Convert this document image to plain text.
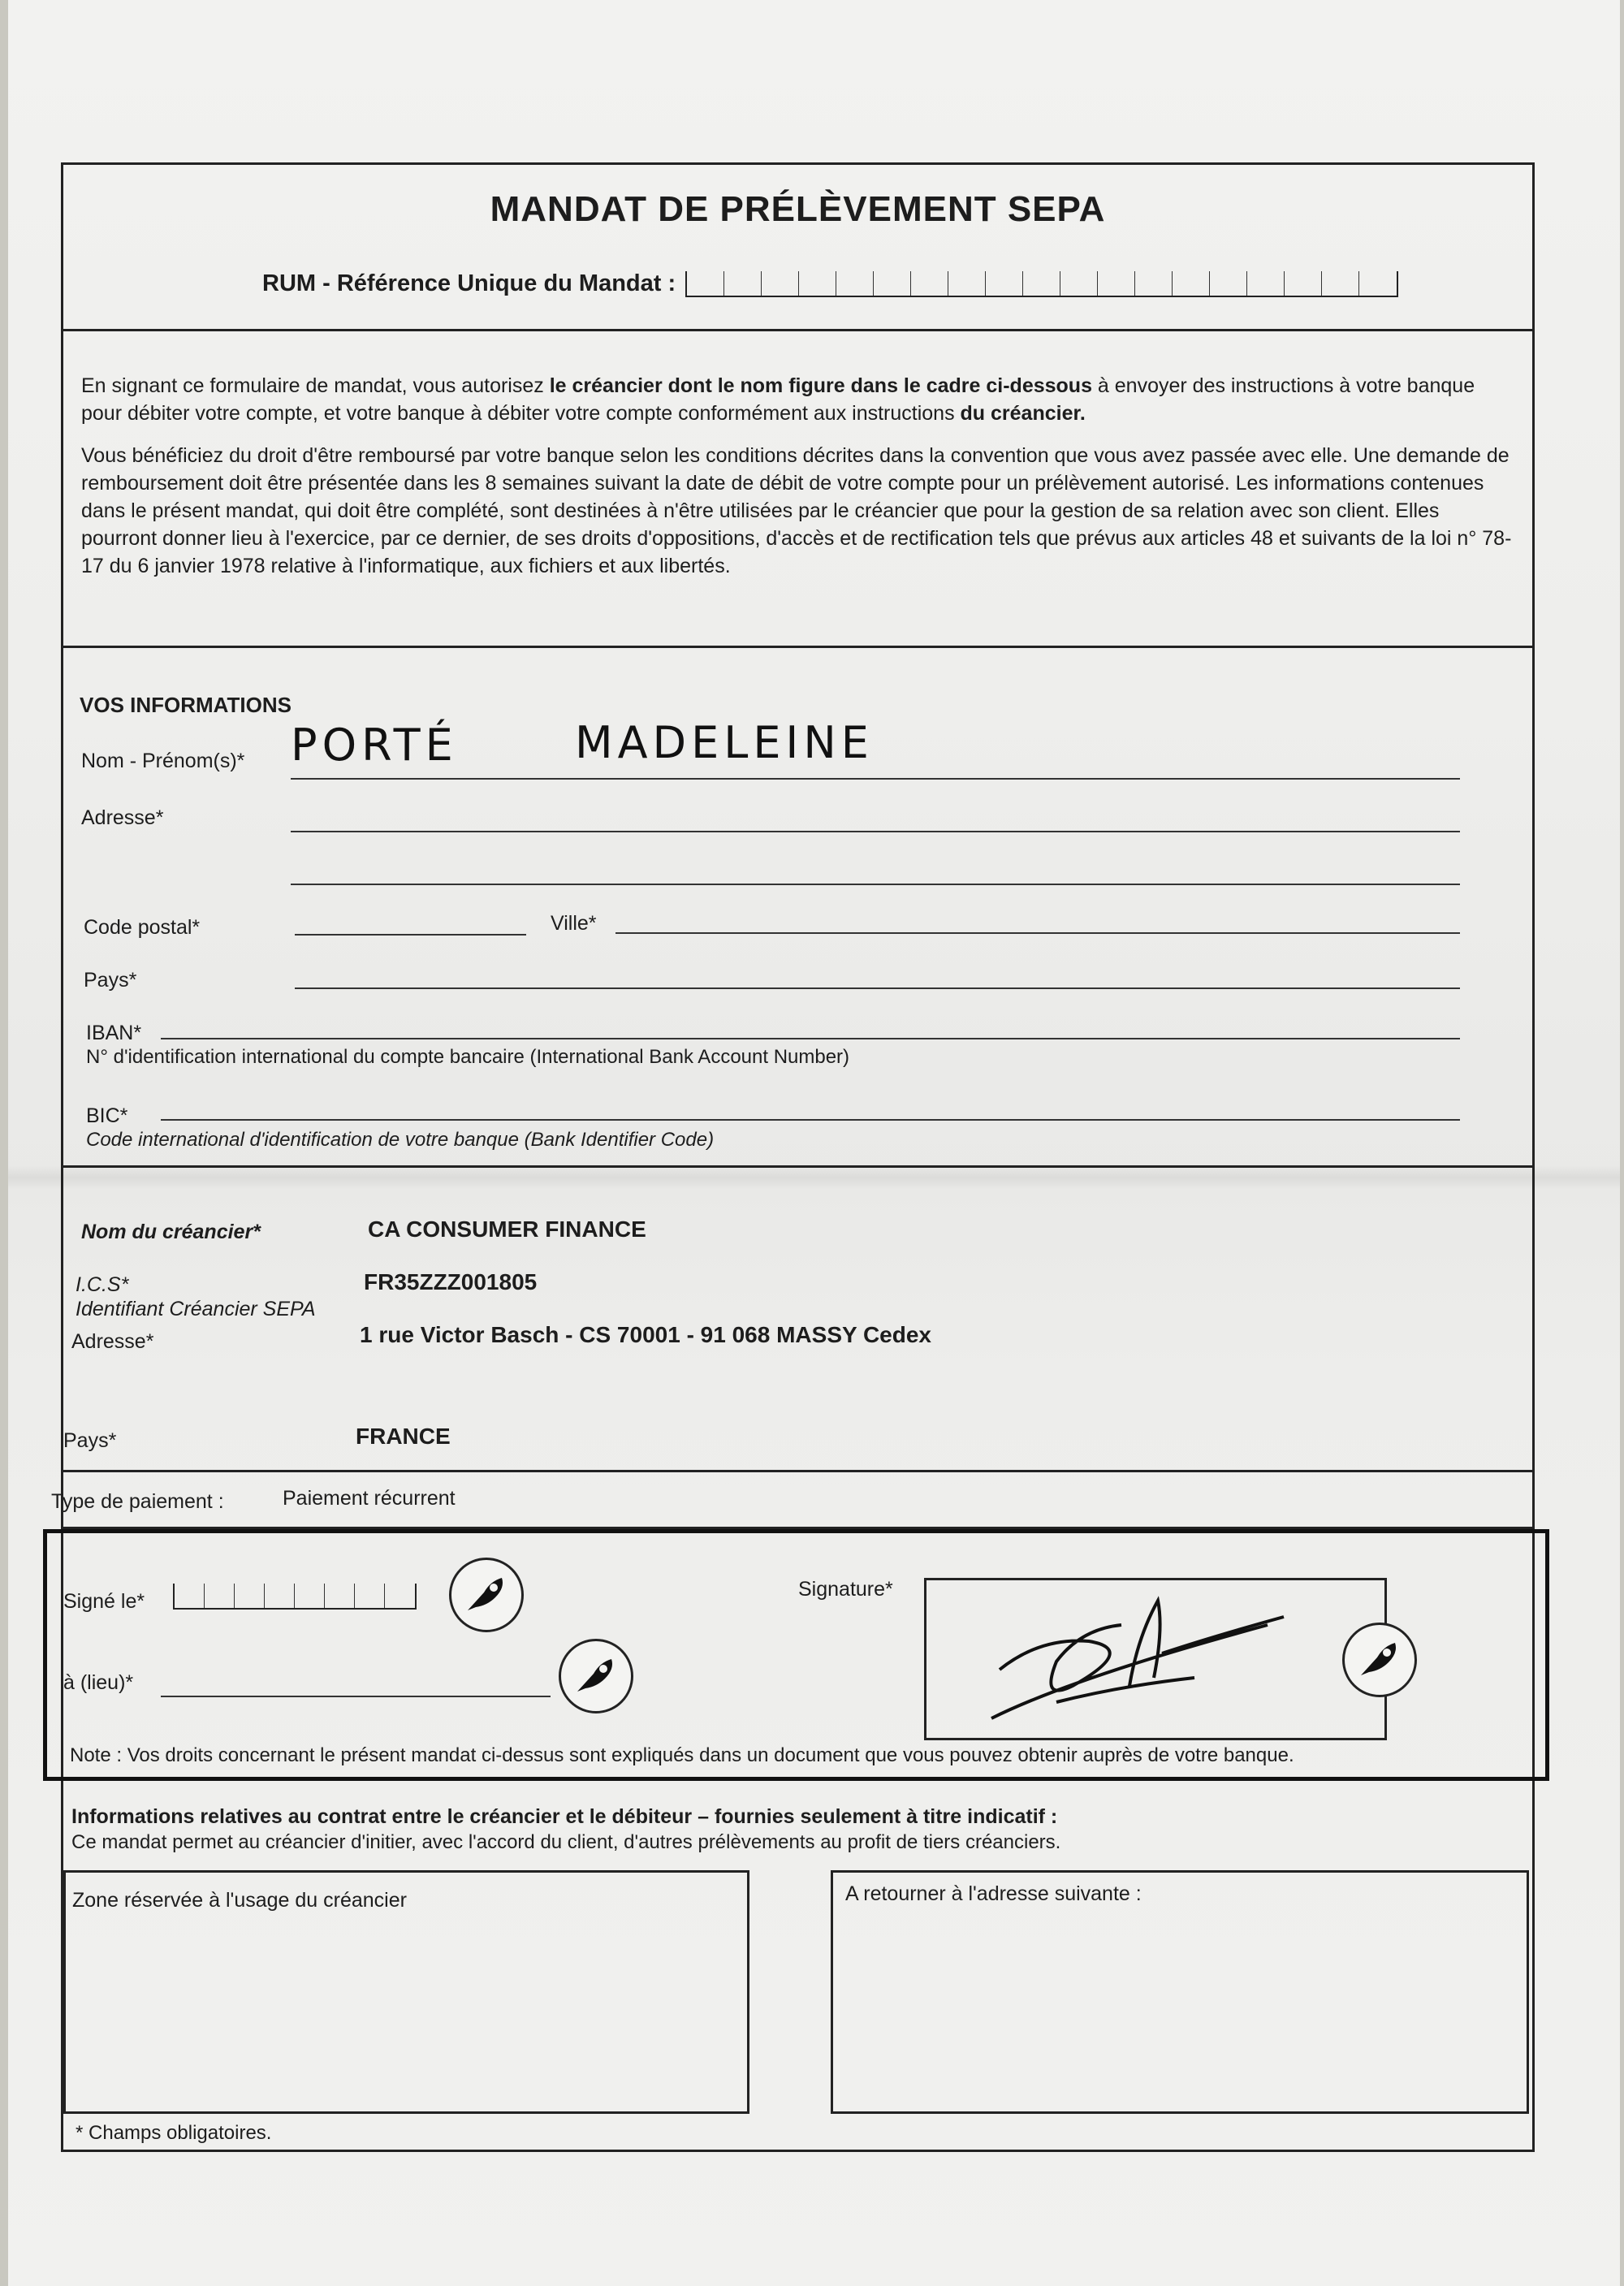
MANDAT DE PRÉLÈVEMENT SEPA
RUM - Référence Unique du Mandat :

En signant ce formulaire de mandat, vous autorisez le créancier dont le nom figure dans le cadre ci-dessous à envoyer des instructions à votre banque pour débiter votre compte, et votre banque à débiter votre compte conformément aux instructions du créancier.

Vous bénéficiez du droit d'être remboursé par votre banque selon les conditions décrites dans la convention que vous avez passée avec elle. Une demande de remboursement doit être présentée dans les 8 semaines suivant la date de débit de votre compte pour un prélèvement autorisé. Les informations contenues dans le présent mandat, qui doit être complété, sont destinées à n'être utilisées par le créancier que pour la gestion de sa relation avec son client. Elles pourront donner lieu à l'exercice, par ce dernier, de ses droits d'oppositions, d'accès et de rectification tels que prévus aux articles 48 et suivants de la loi n° 78-17 du 6 janvier 1978 relative à l'informatique, aux fichiers et aux libertés.

VOS INFORMATIONS
Nom - Prénom(s)* PORTÉ	MADELEINE
Adresse*
Code postal*	Ville*
Pays*
IBAN*
N° d'identification international du compte bancaire (International Bank Account Number)
BIC*
Code international d'identification de votre banque (Bank Identifier Code)
Nom du créancier*	CA CONSUMER FINANCE
I.C.S*
Identifiant Créancier SEPA
FR35ZZZ001805
Adresse*	1 rue Victor Basch - CS 70001 - 91 068 MASSY Cedex
Pays*	FRANCE
Type de paiement :	Paiement récurrent
Signé le*
à (lieu)*
Signature*
Note : Vos droits concernant le présent mandat ci-dessus sont expliqués dans un document que vous pouvez obtenir auprès de votre banque.
Informations relatives au contrat entre le créancier et le débiteur – fournies seulement à titre indicatif :
Ce mandat permet au créancier d'initier, avec l'accord du client, d'autres prélèvements au profit de tiers créanciers.
Zone réservée à l'usage du créancier	A retourner à l'adresse suivante :
* Champs obligatoires.
